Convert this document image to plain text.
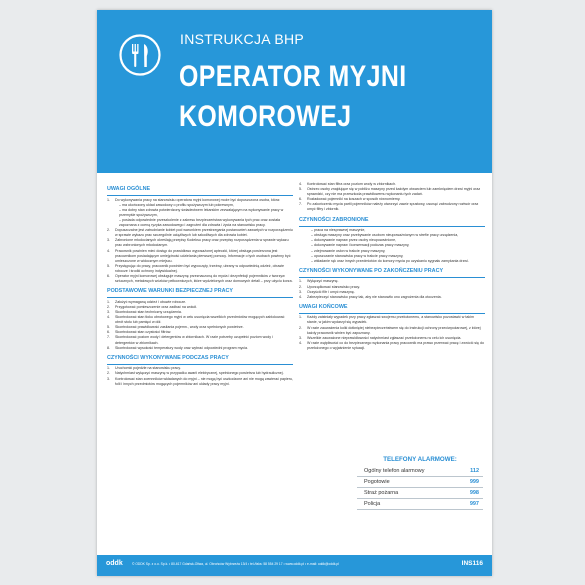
INSTRUKCJA BHP
OPERATOR MYJNI
KOMOROWEJ
UWAGI OGÓLNE
1.	Do wykonywania pracy na stanowisku operatora myjni komorowej może być dopuszczona osoba, która:
– ma ukończony układ zawodowy o profilu spożywczym lub pokrewnym,
– ma dobry stan zdrowia potwierdzony świadectwem lekarskim zezwalającym na wykonywanie pracy w przemyśle spożywczym,
– posiada odpowiednie przeszkolenie z zakresu bezpieczeństwa wykonywania tych prac oraz została zapoznana z oceną ryzyka zawodowego i zagrożeń dla zdrowia i życia na stanowisku pracy.
2.	Dopuszczalne jest zatrudnianie kobiet pod warunkiem przestrzegania postanowień zawartych w rozporządzeniu w sprawie wykazu prac szczególnie uciążliwych lub szkodliwych dla zdrowia kobiet.
3.	Zabronione młodocianych określają przepisy Kodeksu pracy oraz przepisy rozporządzenia w sprawie wykazu prac wzbronionych młodocianym.
4.	Pracownik powinien mieć dostęp do prawidłowo wyposażonej apteczki, której obsługa powierzona jest pracownikom posiadającym umiejętność udzielania pierwszej pomocy. Informacje o tych osobach powinny być umieszczone w widocznym miejscu.
5.	Przystępując do pracy, pracownik powinien być wypoczęty, trzeźwy, ubrany w odpowiednią odzież, obuwie robocze i środki ochrony indywidualnej.
6.	Operator myjni komorowej obsługuje maszynę przeznaczoną do mycia i dezynfekcji pojemników z tworzyw sztucznych, metalowych wózków pełkowniczych, które wydzielonych oraz domowych detali – przy użyciu korza.
PODSTAWOWE WARUNKI BEZPIECZNEJ PRACY
1.	Założyć wymaganą odzież i obuwie robocze.
2.	Przygotować pomieszczenie oraz zadbać na wokół.
3.	Skontrolować stan techniczny urządzenia.
4.	Skontrolować stan tłoku obrotowego myjni w celu usunięcia wszelkich przedmiotów mogących zablokować obrót stołu lub pamięci w dół.
5.	Skontrolować prawidłowość zasilania pojemn., wody oraz spełnionych powietrze.
6.	Skontrolować stan czystości filtrów.
7.	Skontrolować poziom wody i detergentów w zbiornikach. W razie potrzeby uzupełnić poziom wody i detergentów w zbiornikach.
8.	Skontrolować wysokość temperatury wody oraz wybrać odpowiedni program mycia.
CZYNNOŚCI WYKONYWANE PODCZAS PRACY
1.	Uruchomić pojedźle na stanowisku pracy.
2.	Natychmiast wyłączyć maszynę w przypadku awarii elektrycznej, spełnionego powietrza lub hydraulicznej.
3.	Kontrolować stan zoennników wkładanych do myjni – nie mogą być uszkodzone ani nie mogą zawierać papieru, folii i innych przedmiotów mogących pojemników ani układy pracy myjni.
4.	Kontrolować stan filtra oraz poziom wody w zbiornikach.
5.	Ostrzec osoby znajdujące się w pobliżu maszyny przed każdym otwarciem lub zamknięciem drzwi myjni oraz sprawdzić, czy nie ma przeszkoda prawidłowemu wykonaniu tych zadań.
6.	Rozładować pojemniki na koszach w sposób równomierny.
7.	Po zakończeniu mycia partii pojemników należy otworzyć zawór spustowy, usunąć zabrudzony roztwór oraz umyć filtry i zbiornik.
CZYNNOŚCI ZABRONIONE
– praca na niesprawnej maszynie,
– obsługa maszyny oraz przebywanie osobom nieupoważnionym w strefie pracy urządzenia,
– dokonywanie napraw przez osoby nieupoważnione,
– dokonywanie napraw i konserwacji podczas pracy maszyny,
– zdejmowanie osłon w trakcie pracy maszyny,
– opuszczanie stanowiska pracy w trakcie pracy maszyny,
– wkładanie rąk oraz innych przedmiotów do komory mycia po uzyskaniu sygnału zamykania drzwi.
CZYNNOŚCI WYKONYWANE PO ZAKOŃCZENIU PRACY
1.	Wyłączyć maszynę.
2.	Uporządkować stanowisko pracy.
3.	Oczyścić filtr i umyć maszynę.
4.	Zabezpieczyć stanowisko pracy tak, aby nie stanowiło ono zagrożenia dla otoczenia.
UWAGI KOŃCOWE
1.	Każdy zaistniały wypadek przy pracy zgłaszać swojemu przełożonemu, a stanowisko pozostawić w takim stanie, w jakim wydarzył się wypadek.
2.	W razie zauważenia kolki dotkniętej niebezpieczeństwem się do instrukcji ochrony przeciwpożarowej, z której każdy pracownik winien być zapoznany.
3.	Wszelkie zauważone nieprawidłowości natychmiast zgłaszać przełożonemu w celu ich usunięcia.
4.	W razie wątpliwości co do bezpiecznego wykonania pracy pracownik ma prawo przerwać pracę i zwrócić się do przełożonego o wyjaśnienie sytuacji.
TELEFONY ALARMOWE:
Ogólny telefon alarmowy	112
Pogotowie	999
Straż pożarna	998
Policja	997
oddk	© ODDK Sp. z o.o. Sp.k. • 80-617 Gdańsk-Oliwa, ul. Obrońców Wybrzeża 13/4 • tel./faks: 58 554 29 17 • www.oddk.pl • e-mail: oddk@oddk.pl	INS116
